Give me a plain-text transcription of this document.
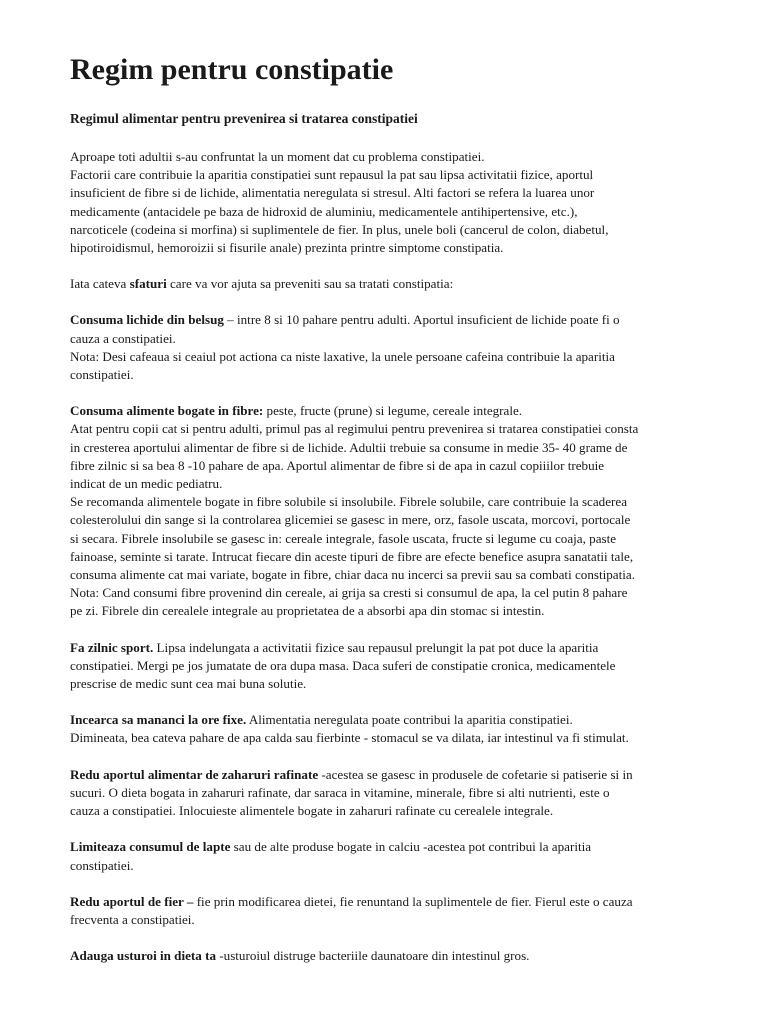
Regim pentru constipatie
Regimul alimentar pentru prevenirea si tratarea constipatiei
Aproape toti adultii s-au confruntat la un moment dat cu problema constipatiei.
Factorii care contribuie la aparitia constipatiei sunt repausul la pat sau lipsa activitatii fizice, aportul
insuficient de fibre si de lichide, alimentatia neregulata si stresul. Alti factori se refera la luarea unor
medicamente (antacidele pe baza de hidroxid de aluminiu, medicamentele antihipertensive, etc.),
narcoticele (codeina si morfina) si suplimentele de fier. In plus, unele boli (cancerul de colon, diabetul,
hipotiroidismul, hemoroizii si fisurile anale) prezinta printre simptome constipatia.
Iata cateva sfaturi care va vor ajuta sa preveniti sau sa tratati constipatia:
Consuma lichide din belsug – intre 8 si 10 pahare pentru adulti. Aportul insuficient de lichide poate fi o
cauza a constipatiei.
Nota: Desi cafeaua si ceaiul pot actiona ca niste laxative, la unele persoane cafeina contribuie la aparitia
constipatiei.
Consuma alimente bogate in fibre: peste, fructe (prune) si legume, cereale integrale.
Atat pentru copii cat si pentru adulti, primul pas al regimului pentru prevenirea si tratarea constipatiei consta
in cresterea aportului alimentar de fibre si de lichide. Adultii trebuie sa consume in medie 35- 40 grame de
fibre zilnic si sa bea 8 -10 pahare de apa. Aportul alimentar de fibre si de apa in cazul copiiilor trebuie
indicat de un medic pediatru.
Se recomanda alimentele bogate in fibre solubile si insolubile. Fibrele solubile, care contribuie la scaderea
colesterolului din sange si la controlarea glicemiei se gasesc in mere, orz, fasole uscata, morcovi, portocale
si secara. Fibrele insolubile se gasesc in: cereale integrale, fasole uscata, fructe si legume cu coaja, paste
fainoase, seminte si tarate. Intrucat fiecare din aceste tipuri de fibre are efecte benefice asupra sanatatii tale,
consuma alimente cat mai variate, bogate in fibre, chiar daca nu incerci sa previi sau sa combati constipatia.
Nota: Cand consumi fibre provenind din cereale, ai grija sa cresti si consumul de apa, la cel putin 8 pahare
pe zi. Fibrele din cerealele integrale au proprietatea de a absorbi apa din stomac si intestin.
Fa zilnic sport. Lipsa indelungata a activitatii fizice sau repausul prelungit la pat pot duce la aparitia
constipatiei. Mergi pe jos jumatate de ora dupa masa. Daca suferi de constipatie cronica, medicamentele
prescrise de medic sunt cea mai buna solutie.
Incearca sa mananci la ore fixe. Alimentatia neregulata poate contribui la aparitia constipatiei.
Dimineata, bea cateva pahare de apa calda sau fierbinte - stomacul se va dilata, iar intestinul va fi stimulat.
Redu aportul alimentar de zaharuri rafinate -acestea se gasesc in produsele de cofetarie si patiserie si in
sucuri. O dieta bogata in zaharuri rafinate, dar saraca in vitamine, minerale, fibre si alti nutrienti, este o
cauza a constipatiei. Inlocuieste alimentele bogate in zaharuri rafinate cu cerealele integrale.
Limiteaza consumul de lapte sau de alte produse bogate in calciu -acestea pot contribui la aparitia
constipatiei.
Redu aportul de fier – fie prin modificarea dietei, fie renuntand la suplimentele de fier. Fierul este o cauza
frecventa a constipatiei.
Adauga usturoi in dieta ta -usturoiul distruge bacteriile daunatoare din intestinul gros.
